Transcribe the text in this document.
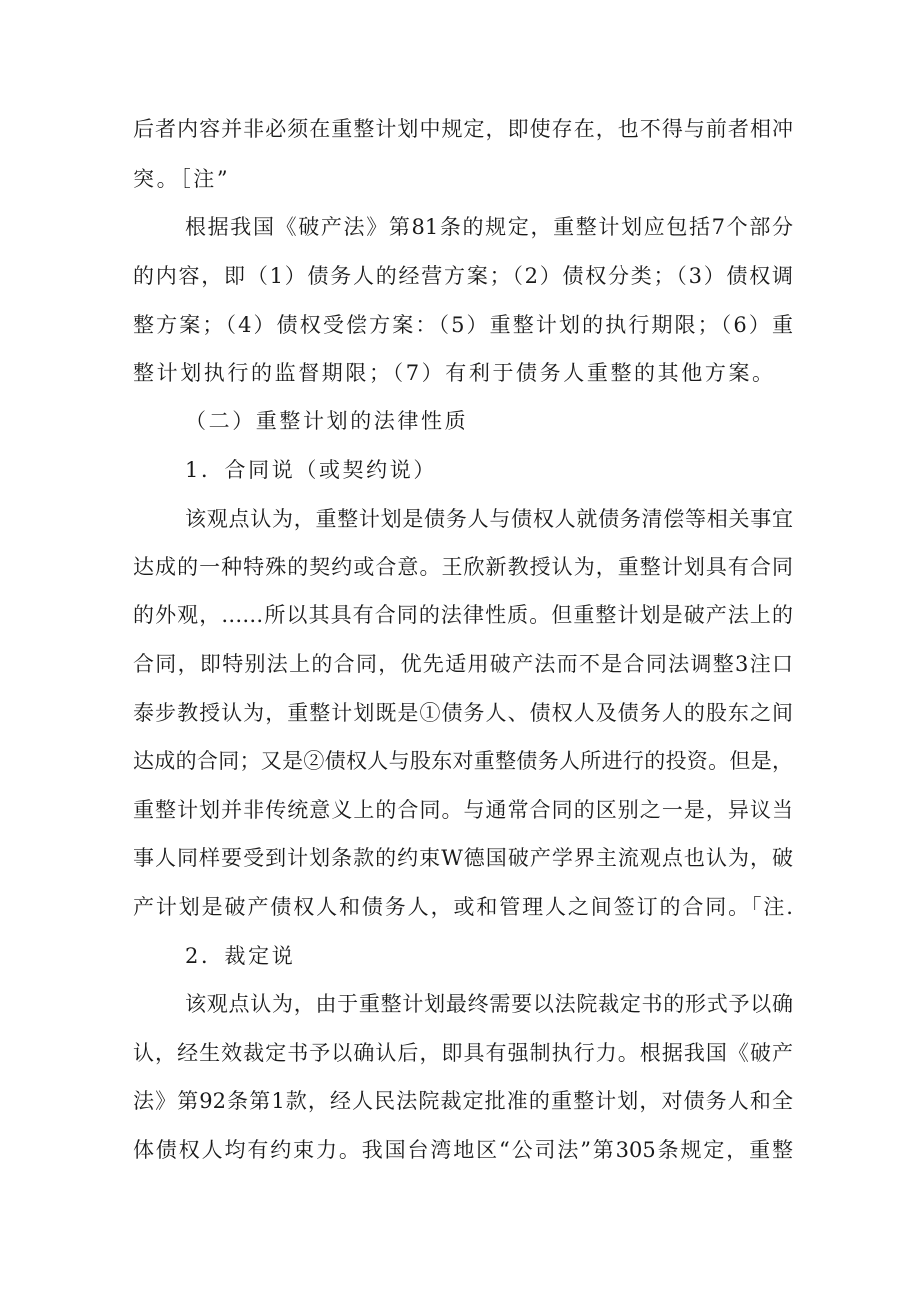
后者内容并非必须在重整计划中规定，即使存在，也不得与前者相冲
突。［注”
根据我国《破产法》第81条的规定，重整计划应包括7个部分
的内容，即（1）债务人的经营方案；（2）债权分类；（3）债权调
整方案；（4）债权受偿方案：（5）重整计划的执行期限；（6）重
整计划执行的监督期限；（7）有利于债务人重整的其他方案。
（二）重整计划的法律性质
1．合同说（或契约说）
该观点认为，重整计划是债务人与债权人就债务清偿等相关事宜
达成的一种特殊的契约或合意。王欣新教授认为，重整计划具有合同
的外观，……所以其具有合同的法律性质。但重整计划是破产法上的
合同，即特别法上的合同，优先适用破产法而不是合同法调整3注口
泰步教授认为，重整计划既是①债务人、债权人及债务人的股东之间
达成的合同；又是②债权人与股东对重整债务人所进行的投资。但是，
重整计划并非传统意义上的合同。与通常合同的区别之一是，异议当
事人同样要受到计划条款的约束W德国破产学界主流观点也认为，破
产计划是破产债权人和债务人，或和管理人之间签订的合同。｢注.
2．裁定说
该观点认为，由于重整计划最终需要以法院裁定书的形式予以确
认，经生效裁定书予以确认后，即具有强制执行力。根据我国《破产
法》第92条第1款，经人民法院裁定批准的重整计划，对债务人和全
体债权人均有约束力。我国台湾地区“公司法”第305条规定，重整
